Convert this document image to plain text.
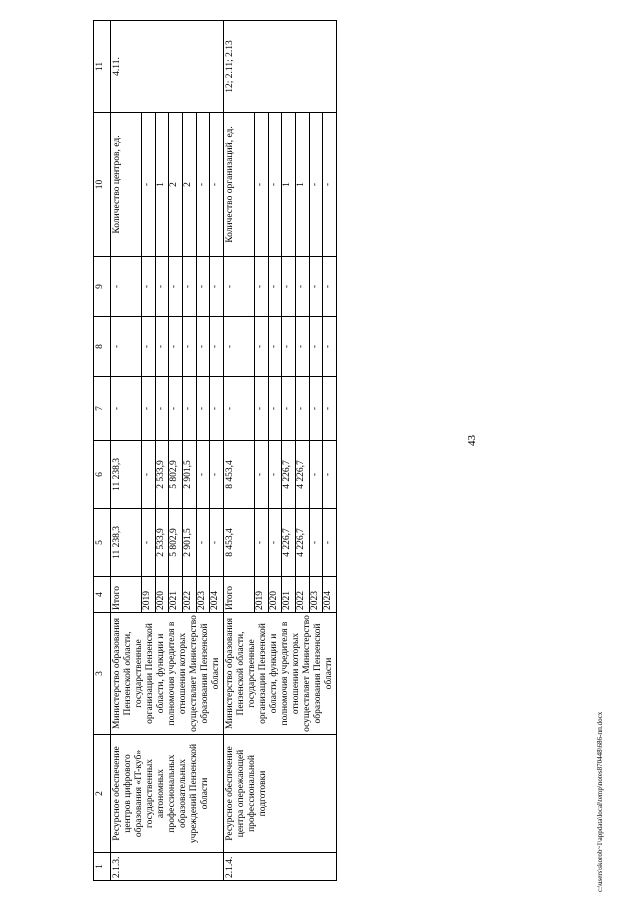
43
c:\users\skorob~1\appdata\local\temp\notes870448\686-пп.docx
1	2	3	4	5	6	7	8	9	10	11
2.1.3.	Ресурсное обеспечение центров цифрового образования «IT-куб» государственных автономных профессиональных образовательных учреждений Пензенской области	Министерство образования Пензенской области, государственные организации Пензенской области, функции и полномочия учредителя в отношении которых осуществляет Министерство образования Пензенской области	Итого	11 238,3	11 238,3	-	-	-	Количество центров, ед.	4.11.
			2019	-	-	-	-	-	-	
			2020	2 533,9	2 533,9	-	-	-	1	
			2021	5 802,9	5 802,9	-	-	-	2	
			2022	2 901,5	2 901,5	-	-	-	2	
			2023	-	-	-	-	-	-	
			2024	-	-	-	-	-	-	
2.1.4.	Ресурсное обеспечение центра опережающей профессиональной подготовки	Министерство образования Пензенской области, государственные организации Пензенской области, функции и полномочия учредителя в отношении которых осуществляет Министерство образования Пензенской области	Итого	8 453,4	8 453,4	-	-	-	Количество организаций, ед.	12; 2.11; 2.13
			2019	-	-	-	-	-	-	
			2020	-	-	-	-	-	-	
			2021	4 226,7	4 226,7	-	-	-	1	
			2022	4 226,7	4 226,7	-	-	-	1	
			2023	-	-	-	-	-	-	
			2024	-	-	-	-	-	-	
